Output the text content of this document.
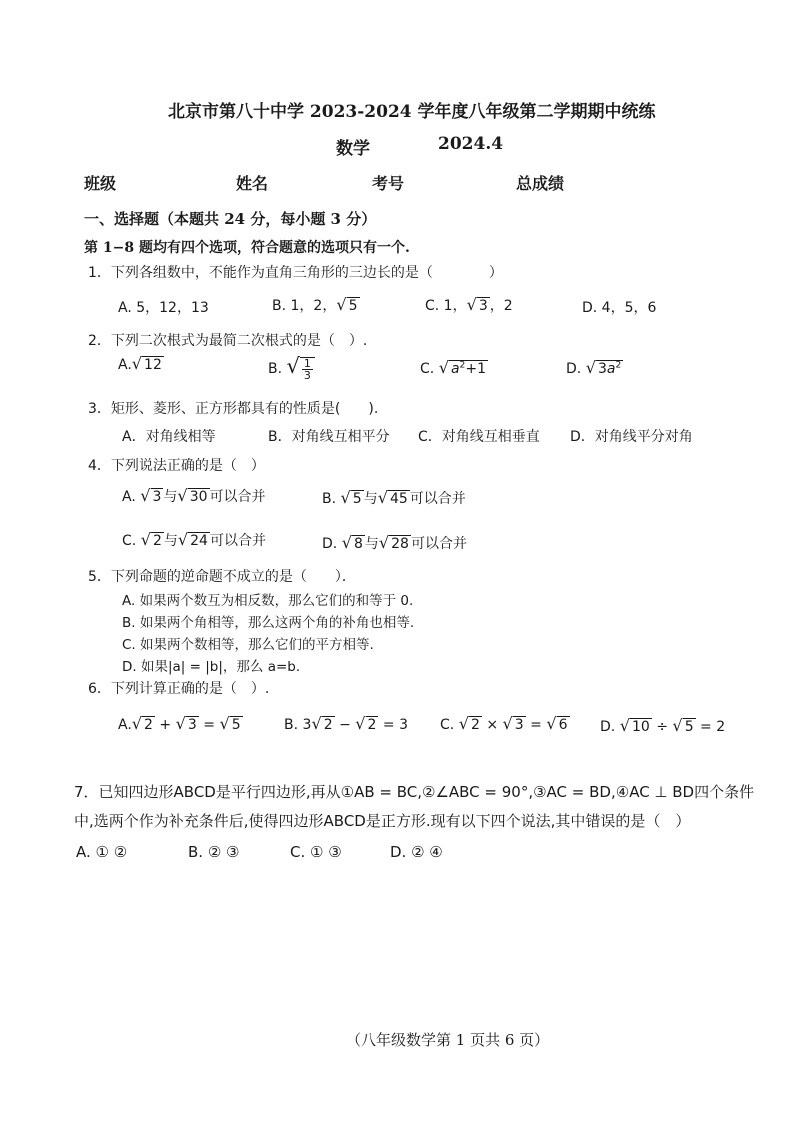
北京市第八十中学 2023-2024 学年度八年级第二学期期中统练
数学	2024.4
班级	姓名	考号	总成绩
一、选择题（本题共 24 分，每小题 3 分）
第 1−8 题均有四个选项，符合题意的选项只有一个.
1．下列各组数中，不能作为直角三角形的三边长的是（　　　　）
A. 5，12，13	B. 1，2，√ 5	C. 1，√ 3 ，2	D. 4，5，6
2．下列二次根式为最简二次根式的是（　）.
A.√ 12	B. √ $\frac{1}{3}$	C. √ $a^2+1$	D. √ $3a^2$
3．矩形、菱形、正方形都具有的性质是(　　).
A．对角线相等	B．对角线互相平分 C．对角线互相垂直 D．对角线平分对角
4．下列说法正确的是（　）
A. √ 3 与√ 30 可以合并	B. √ 5 与√ 45 可以合并
C. √ 2 与√ 24 可以合并	D. √ 8 与√ 28 可以合并
5．下列命题的逆命题不成立的是（　　）．
A. 如果两个数互为相反数，那么它们的和等于 0.
B. 如果两个角相等，那么这两个角的补角也相等.
C. 如果两个数相等，那么它们的平方相等.
D. 如果|a| = |b|，那么 a=b.
6．下列计算正确的是（　）.
A.√ 2 + √ 3 = √ 5	B. 3√ 2 − √ 2 = 3 C. √ 2 × √ 3 = √ 6 D. √ 10 ÷ √ 5 = 2
7．已知四边形ABCD是平行四边形,再从①AB = BC,②∠ABC = 90°,③AC = BD,④AC ⊥ BD四个条件
中,选两个作为补充条件后,使得四边形ABCD是正方形.现有以下四个说法,其中错误的是（　）
A. ① ②	B. ② ③	C. ① ③	D. ② ④
（八年级数学第 1 页共 6 页）
